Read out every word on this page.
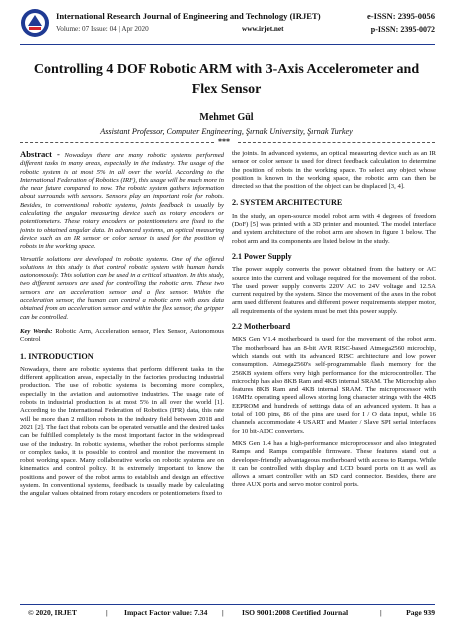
International Research Journal of Engineering and Technology (IRJET)	e-ISSN: 2395-0056
Volume: 07 Issue: 04 | Apr 2020	www.irjet.net	p-ISSN: 2395-0072
Controlling 4 DOF Robotic ARM with 3-Axis Accelerometer and Flex Sensor
Mehmet Gül
Assistant Professor, Computer Engineering, Şırnak University, Şırnak Turkey
***

Abstract - Nowadays there are many robotic systems performed different tasks in many areas, especially in the industry. The usage of the robotic system is at most 5% in all over the world. According to the International Federation of Robotics (IRF), this usage will be much more in the near future compared to now. The robotic system gathers information about surrounds with sensors. Sensors play an important role for robots. Besides, in conventional robotic systems, joints feedback is usually by calculating the angular measuring device such as rotary encoders or potentiometers. These rotary encoders or potentiometers are fixed to the joints to obtained angular data. In advanced systems, an optical measuring device such as an IR sensor or color sensor is used for the position of robots in the working space.

Versatile solutions are developed in robotic systems. One of the offered solutions in this study is that control robotic system with human hands autonomously. This solution can be used in a critical situation. In this study, two different sensors are used for controlling the robotic arm. These two sensors are an acceleration sensor and a flex sensor. Within the acceleration sensor, the human can control a robotic arm with axes data obtained from an acceleration sensor and within the flex sensor, the gripper can be controlled.

Key Words: Robotic Arm, Acceleration sensor, Flex Sensor, Autonomous Control

1. INTRODUCTION

Nowadays, there are robotic systems that perform different tasks in the different application areas, especially in the factories producing industrial production. The use of robotic systems is becoming more complex, especially in the aviation and automotive industries. The usage rate of robots in industrial production is at most 5% in all over the world [1]. According to the International Federation of Robotics (IFR) data, this rate will be more than 2 million robots in the industry field between 2018 and 2021 [2]. The fact that robots can be operated versatile and the desired tasks can be fulfilled completely is the most important factor in the widespread use of the industry. In robotic systems, whether the robot performs simple or complex tasks, it is possible to control and monitor the movement in robot working space. Many collaborative works on robotic systems are on kinematics and control policy. It is extremely important to know the positions and power of the robot arms to establish and design an effective system. In conventional systems, feedback is usually made by calculating the angular values obtained from rotary encoders or potentiometers fixed to

the joints. In advanced systems, an optical measuring device such as an IR sensor or color sensor is used for direct feedback calculation to determine the position of robots in the working space. To select any object whose position is known in the working space, the robotic arm can then be directed so that the position of the object can be displaced [3, 4].

2. SYSTEM ARCHITECTURE

In the study, an open-source model robot arm with 4 degrees of freedom (DoF) [5] was printed with a 3D printer and mounted. The model interface and system architecture of the robot arm are shown in figure 1 below. The robot arm and its components are listed below in the study.

2.1 Power Supply

The power supply converts the power obtained from the battery or AC source into the current and voltage required for the movement of the robot. The used power supply converts 220V AC to 24V voltage and 12.5A current required by the system. Since the movement of the axes in the robot arm used different features and different power requirements stepper motor, all requirements of the system must be met this power supply.

2.2 Motherboard

MKS Gen V1.4 motherboard is used for the movement of the robot arm. The motherboard has an 8-bit AVR RISC-based Atmega2560 microchip, which stands out with its advanced RISC architecture and low power consumption. Atmega2560's self-programmable flash memory for the 256KB system offers very high performance for the microcontroller. The microchip has also 8KB Ram and 4KB internal SRAM. The Microchip also features 8KB Ram and 4KB internal SRAM. The microprocessor with 16MHz operating speed allows storing long character strings with the 4KB EEPROM and hundreds of settings data of an advanced system. It has a total of 100 pins, 86 of the pins are used for I / O data input, while 16 channels accommodate 4 USART and Master / Slave SPI serial interfaces for 10 bit-ADC converters.

MKS Gen 1.4 has a high-performance microprocessor and also integrated Ramps and Ramps compatible firmware. These features stand out a developer-friendly advantageous motherboard with access to Ramps. While it can be controlled with display and LCD board ports on it as well as allows a smart controller with an SD card connector. Besides, there are three AUX ports and servo motor control ports.

© 2020, IRJET	| Impact Factor value: 7.34 | ISO 9001:2008 Certified Journal	|	Page 939
